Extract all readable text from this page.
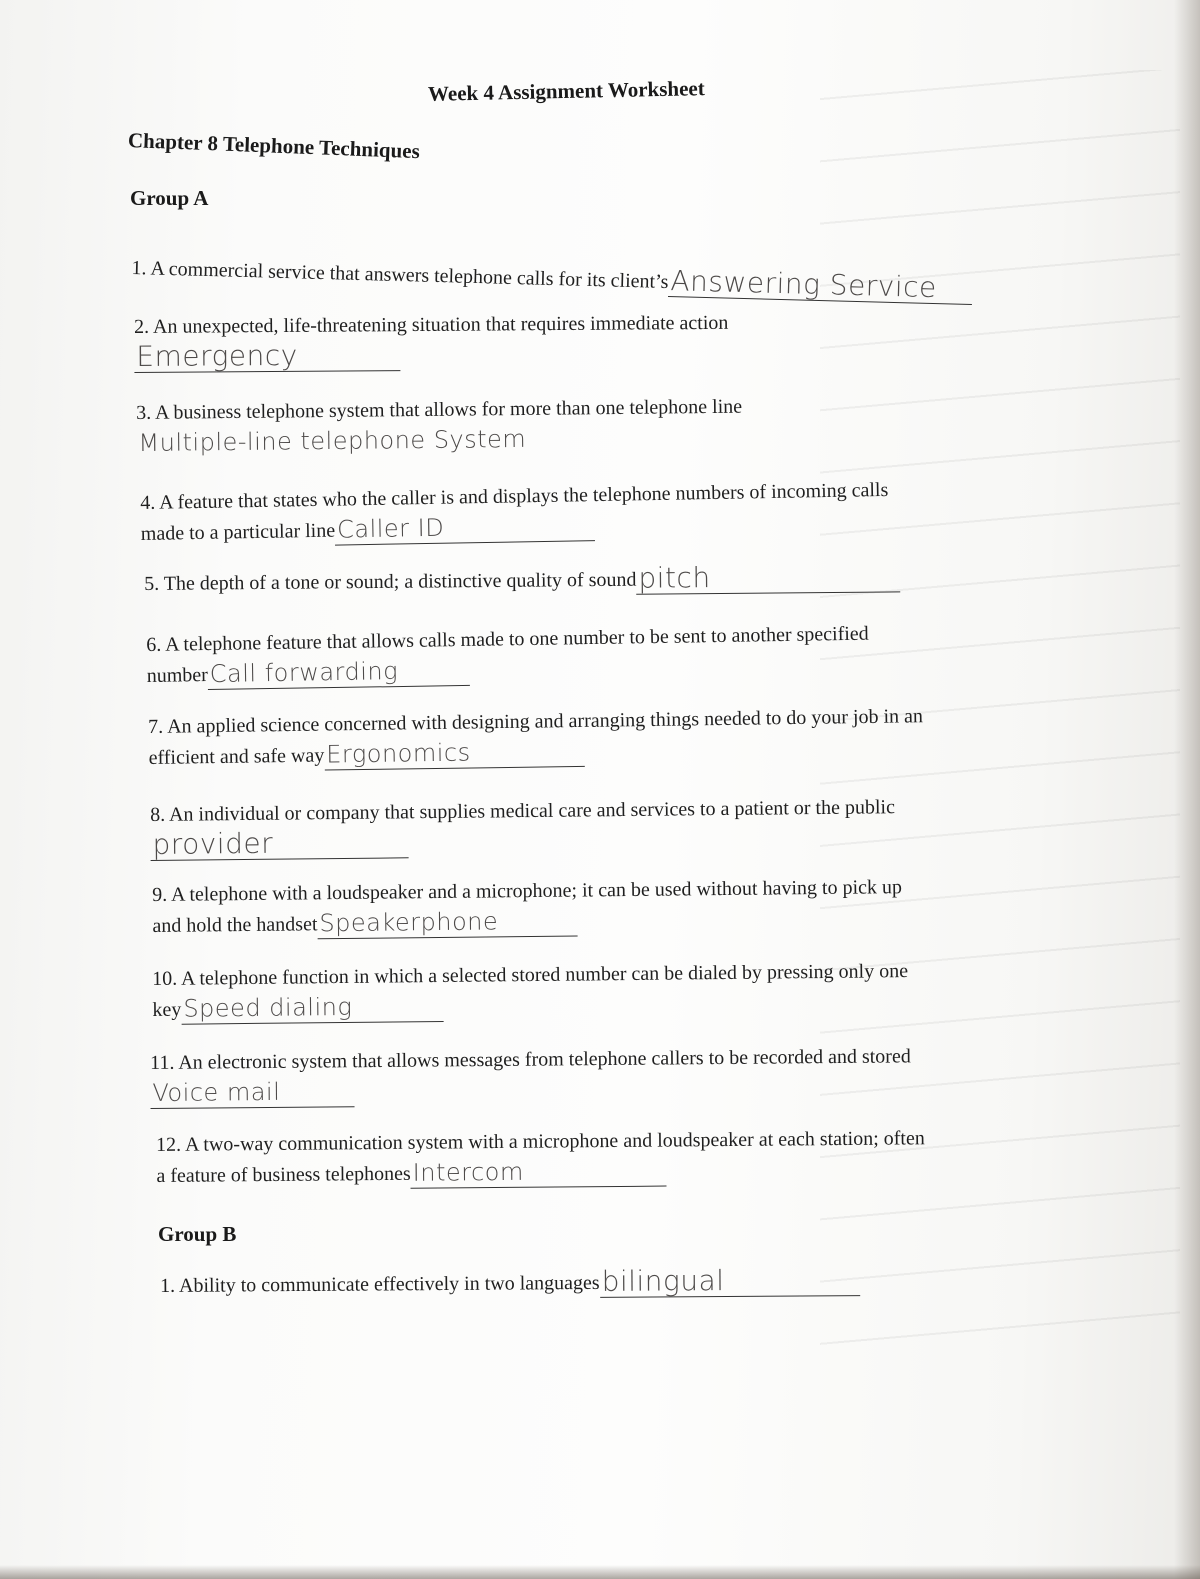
Week 4 Assignment Worksheet
Chapter 8 Telephone Techniques
Group A
1. A commercial service that answers telephone calls for its client’sAnswering Service
2. An unexpected, life-threatening situation that requires immediate action
Emergency
3. A business telephone system that allows for more than one telephone line
Multiple-line telephone System
4. A feature that states who the caller is and displays the telephone numbers of incoming calls
made to a particular lineCaller ID
5. The depth of a tone or sound; a distinctive quality of soundpitch
6. A telephone feature that allows calls made to one number to be sent to another specified
numberCall forwarding
7. An applied science concerned with designing and arranging things needed to do your job in an
efficient and safe wayErgonomics
8. An individual or company that supplies medical care and services to a patient or the public
provider
9. A telephone with a loudspeaker and a microphone; it can be used without having to pick up
and hold the handsetSpeakerphone
10. A telephone function in which a selected stored number can be dialed by pressing only one
keySpeed dialing
11. An electronic system that allows messages from telephone callers to be recorded and stored
Voice mail
12. A two-way communication system with a microphone and loudspeaker at each station; often
a feature of business telephonesIntercom
Group B
1. Ability to communicate effectively in two languagesbilingual
